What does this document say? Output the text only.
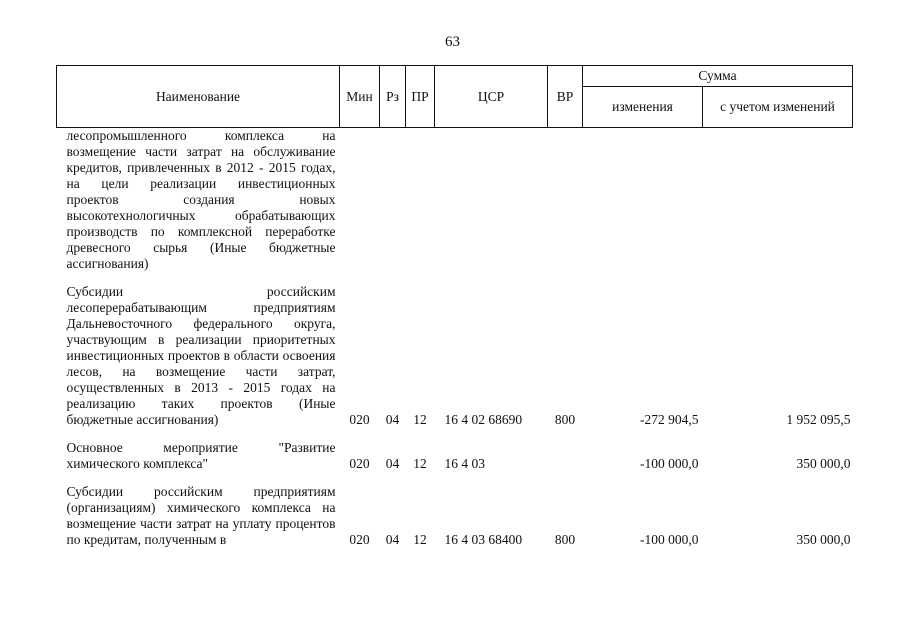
63
Наименование	Мин	Рз	ПР	ЦСР	ВР	Сумма	
						изменения	с учетом изменений
лесопромышленного комплекса на возмещение части затрат на обслуживание кредитов, привлеченных в 2012 - 2015 годах, на цели реализации инвестиционных проектов создания новых высокотехнологичных обрабатывающих производств по комплексной переработке древесного сырья (Иные бюджетные ассигнования)							

Субсидии российским лесоперерабатывающим предприятиям Дальневосточного федерального округа, участвующим в реализации приоритетных инвестиционных проектов в области освоения лесов, на возмещение части затрат, осуществленных в 2013 - 2015 годах на реализацию таких проектов (Иные бюджетные ассигнования)	020	04	12	16 4 02 68690	800	-272 904,5	1 952 095,5

Основное мероприятие "Развитие химического комплекса"	020	04	12	16 4 03		-100 000,0	350 000,0

Субсидии российским предприятиям (организациям) химического комплекса на возмещение части затрат на уплату процентов по кредитам, полученным в	020	04	12	16 4 03 68400	800	-100 000,0	350 000,0
